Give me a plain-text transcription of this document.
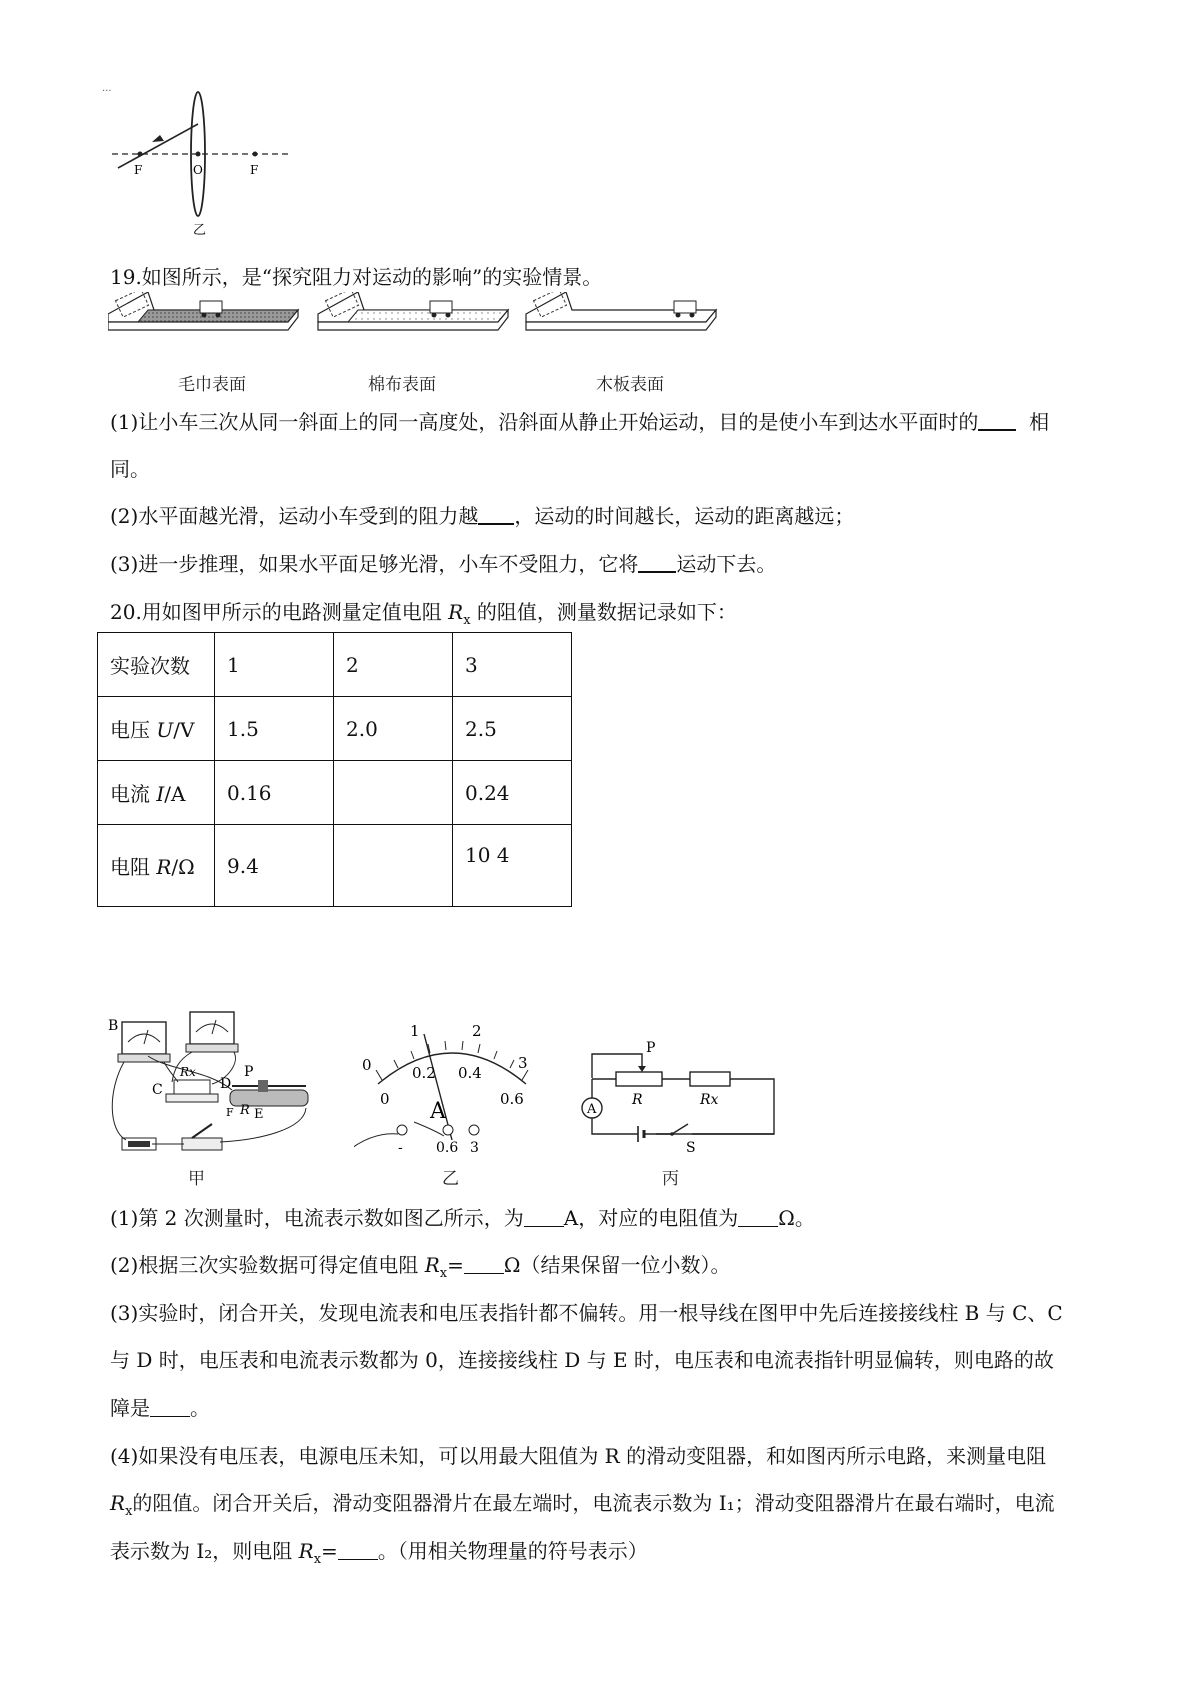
···
F	O	F
乙
19.如图所示，是“探究阻力对运动的影响”的实验情景。
毛巾表面	棉布表面	木板表面
(1)让小车三次从同一斜面上的同一高度处，沿斜面从静止开始运动，目的是使小车到达水平面时的	相
同。
(2)水平面越光滑，运动小车受到的阻力越 ，运动的时间越长，运动的距离越远；
(3)进一步推理，如果水平面足够光滑，小车不受阻力，它将 运动下去。
20.用如图甲所示的电路测量定值电阻 $R_x$ 的阻值，测量数据记录如下：
实验次数	1	2	3
电压 U/V	1.5	2.0	2.5
电流 I/A	0.16		0.24
电阻 R/Ω	9.4		10 4
B
C	D
P
Rx
R
F E
甲
0
1	2
3
0
0.2 0.4
0.6
A
- 0.6 3
乙
P
R	Rx
A
S
丙
(1)第 2 次测量时，电流表示数如图乙所示，为 A，对应的电阻值为 Ω。
(2)根据三次实验数据可得定值电阻 $R_x= \Omega$（结果保留一位小数）。
(3)实验时，闭合开关，发现电流表和电压表指针都不偏转。用一根导线在图甲中先后连接接线柱 B 与 C、C
与 D 时，电压表和电流表示数都为 0，连接接线柱 D 与 E 时，电压表和电流表指针明显偏转，则电路的故
障是 。
(4)如果没有电压表，电源电压未知，可以用最大阻值为 R 的滑动变阻器，和如图丙所示电路，来测量电阻
$R_x$的阻值。闭合开关后，滑动变阻器滑片在最左端时，电流表示数为 I₁；滑动变阻器滑片在最右端时，电流
表示数为 I₂，则电阻 $R_x=$ 。（用相关物理量的符号表示）
